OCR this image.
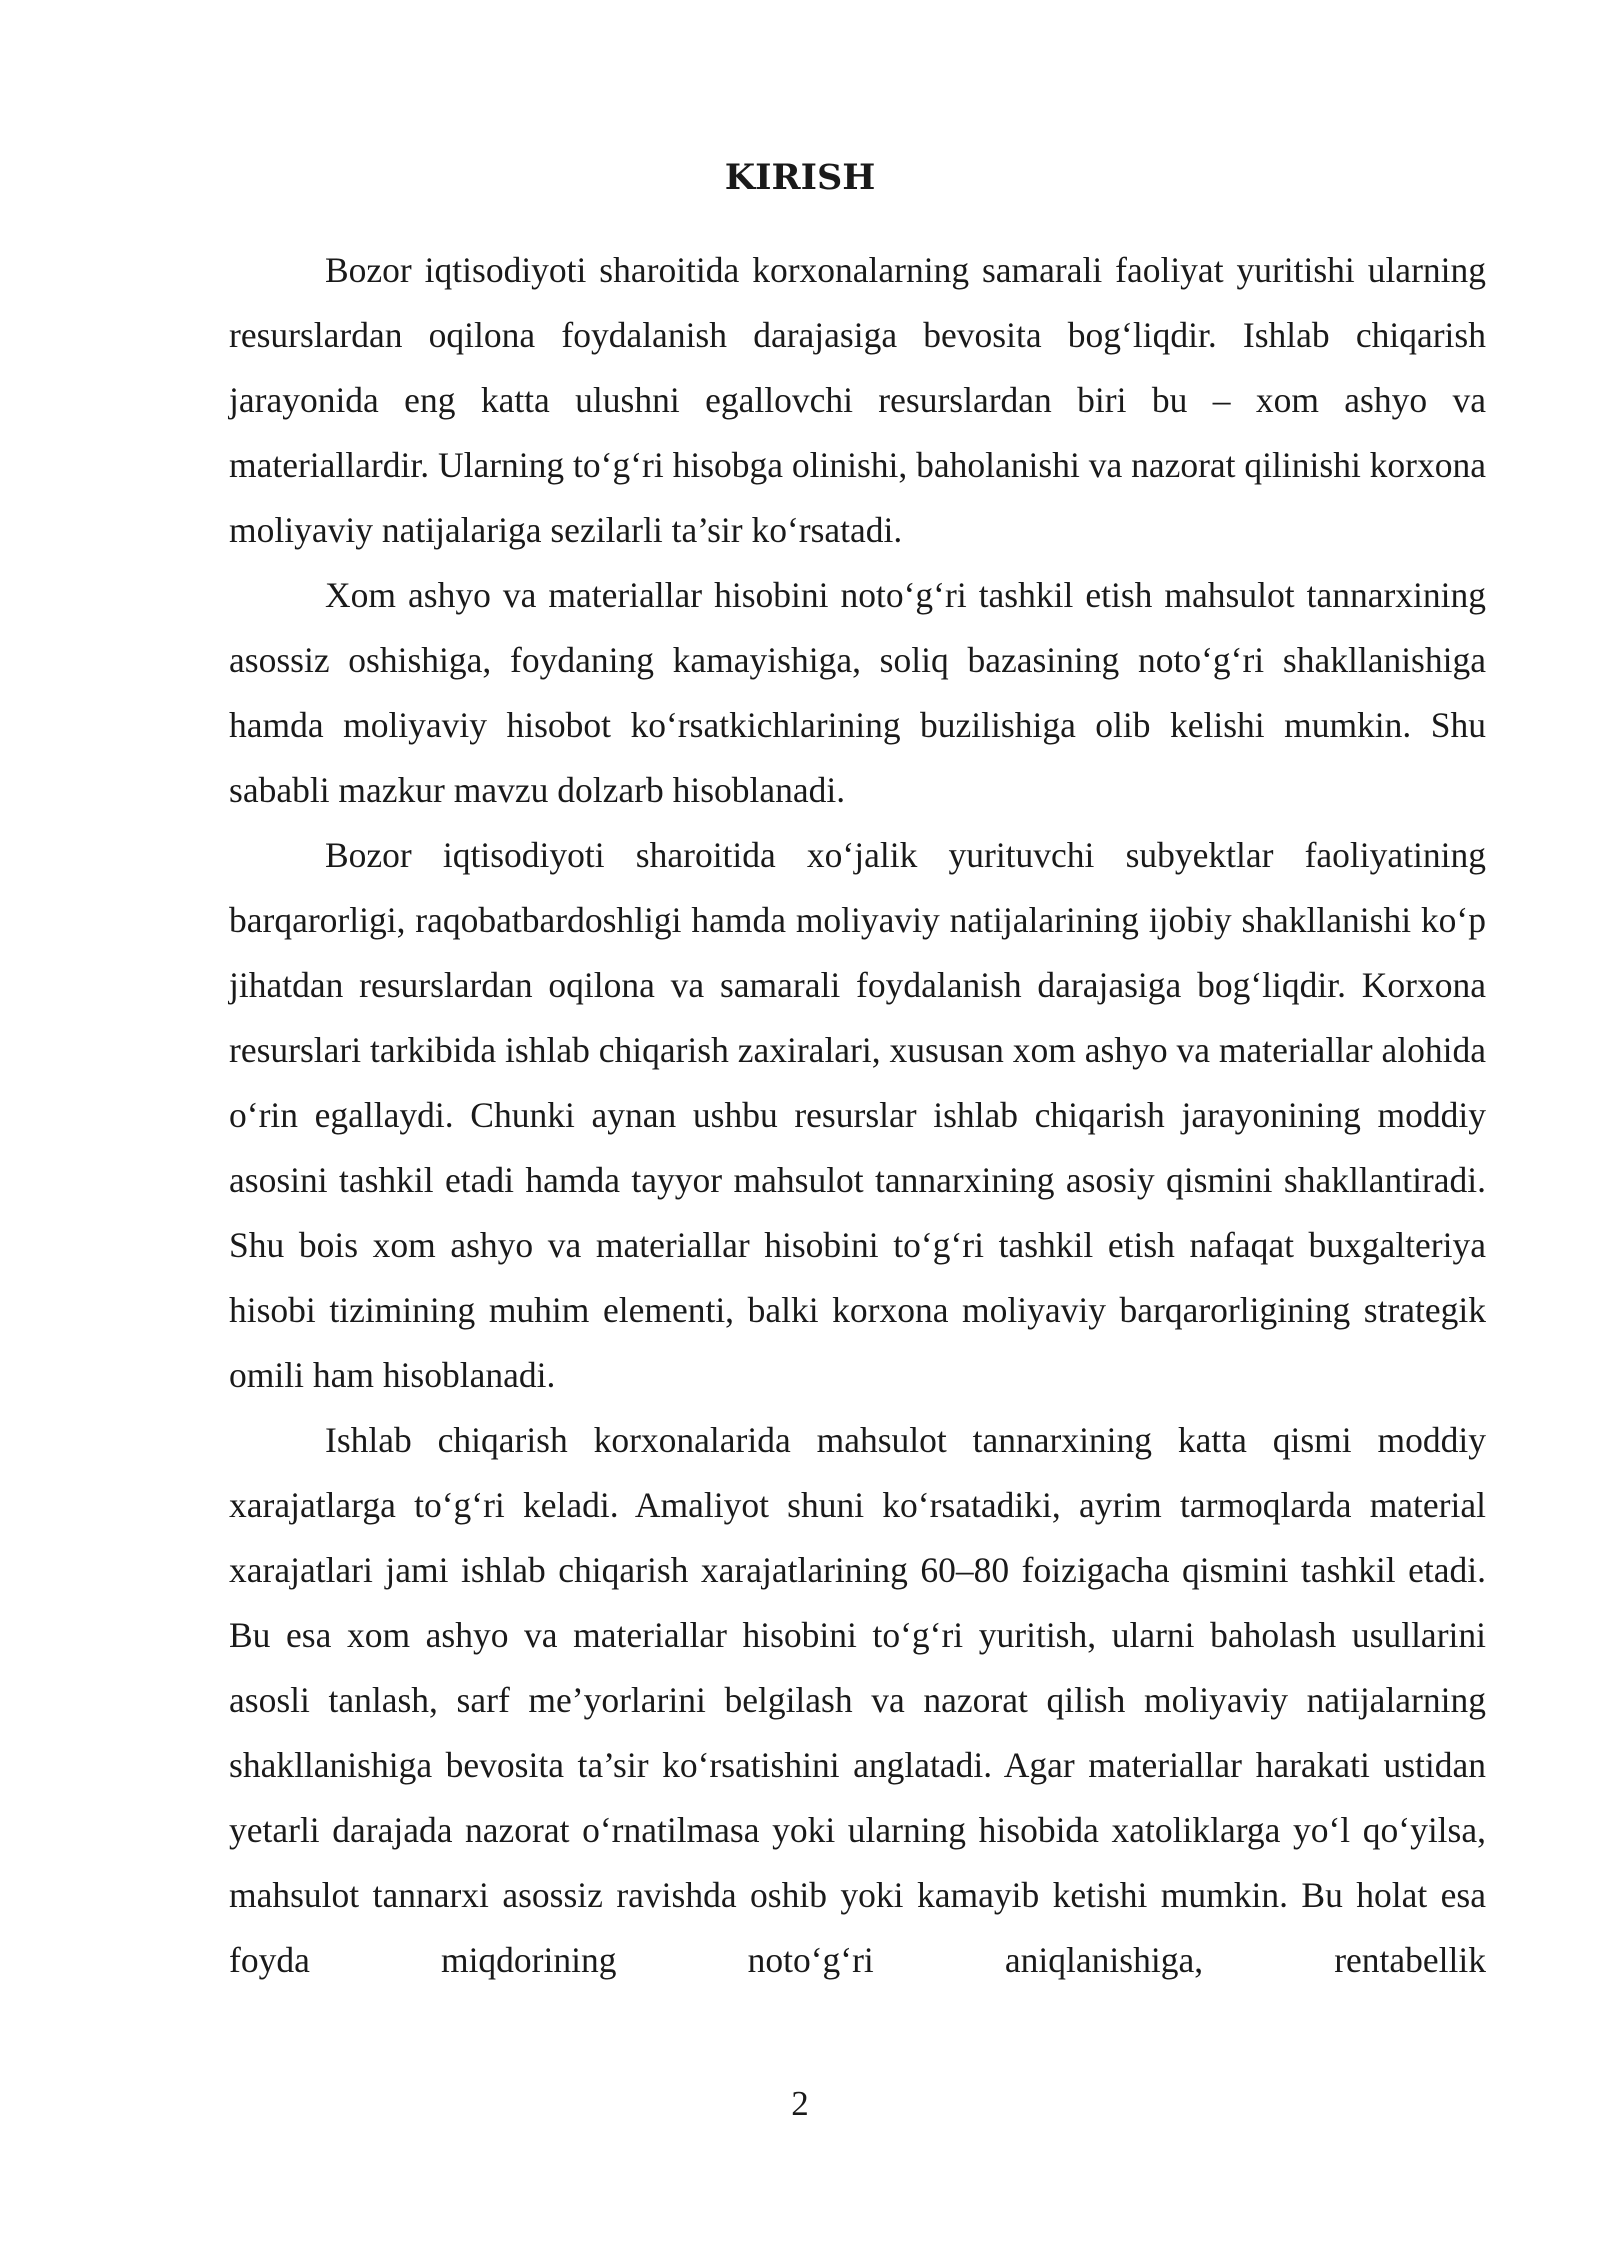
KIRISH

Bozor iqtisodiyoti sharoitida korxonalarning samarali faoliyat yuritishi ularning resurslardan oqilona foydalanish darajasiga bevosita bog‘liqdir. Ishlab chiqarish jarayonida eng katta ulushni egallovchi resurslardan biri bu – xom ashyo va materiallardir. Ularning to‘g‘ri hisobga olinishi, baholanishi va nazorat qilinishi korxona moliyaviy natijalariga sezilarli ta’sir ko‘rsatadi.

Xom ashyo va materiallar hisobini noto‘g‘ri tashkil etish mahsulot tannarxining asossiz oshishiga, foydaning kamayishiga, soliq bazasining noto‘g‘ri shakllanishiga hamda moliyaviy hisobot ko‘rsatkichlarining buzilishiga olib kelishi mumkin. Shu sababli mazkur mavzu dolzarb hisoblanadi.

Bozor iqtisodiyoti sharoitida xo‘jalik yurituvchi subyektlar faoliyatining barqarorligi, raqobatbardoshligi hamda moliyaviy natijalarining ijobiy shakllanishi ko‘p jihatdan resurslardan oqilona va samarali foydalanish darajasiga bog‘liqdir. Korxona resurslari tarkibida ishlab chiqarish zaxiralari, xususan xom ashyo va materiallar alohida o‘rin egallaydi. Chunki aynan ushbu resurslar ishlab chiqarish jarayonining moddiy asosini tashkil etadi hamda tayyor mahsulot tannarxining asosiy qismini shakllantiradi. Shu bois xom ashyo va materiallar hisobini to‘g‘ri tashkil etish nafaqat buxgalteriya hisobi tizimining muhim elementi, balki korxona moliyaviy barqarorligining strategik omili ham hisoblanadi.

Ishlab chiqarish korxonalarida mahsulot tannarxining katta qismi moddiy xarajatlarga to‘g‘ri keladi. Amaliyot shuni ko‘rsatadiki, ayrim tarmoqlarda material xarajatlari jami ishlab chiqarish xarajatlarining 60–80 foizigacha qismini tashkil etadi. Bu esa xom ashyo va materiallar hisobini to‘g‘ri yuritish, ularni baholash usullarini asosli tanlash, sarf me’yorlarini belgilash va nazorat qilish moliyaviy natijalarning shakllanishiga bevosita ta’sir ko‘rsatishini anglatadi. Agar materiallar harakati ustidan yetarli darajada nazorat o‘rnatilmasa yoki ularning hisobida xatoliklarga yo‘l qo‘yilsa, mahsulot tannarxi asossiz ravishda oshib yoki kamayib ketishi mumkin. Bu holat esa foyda miqdorining noto‘g‘ri aniqlanishiga, rentabellik

2
